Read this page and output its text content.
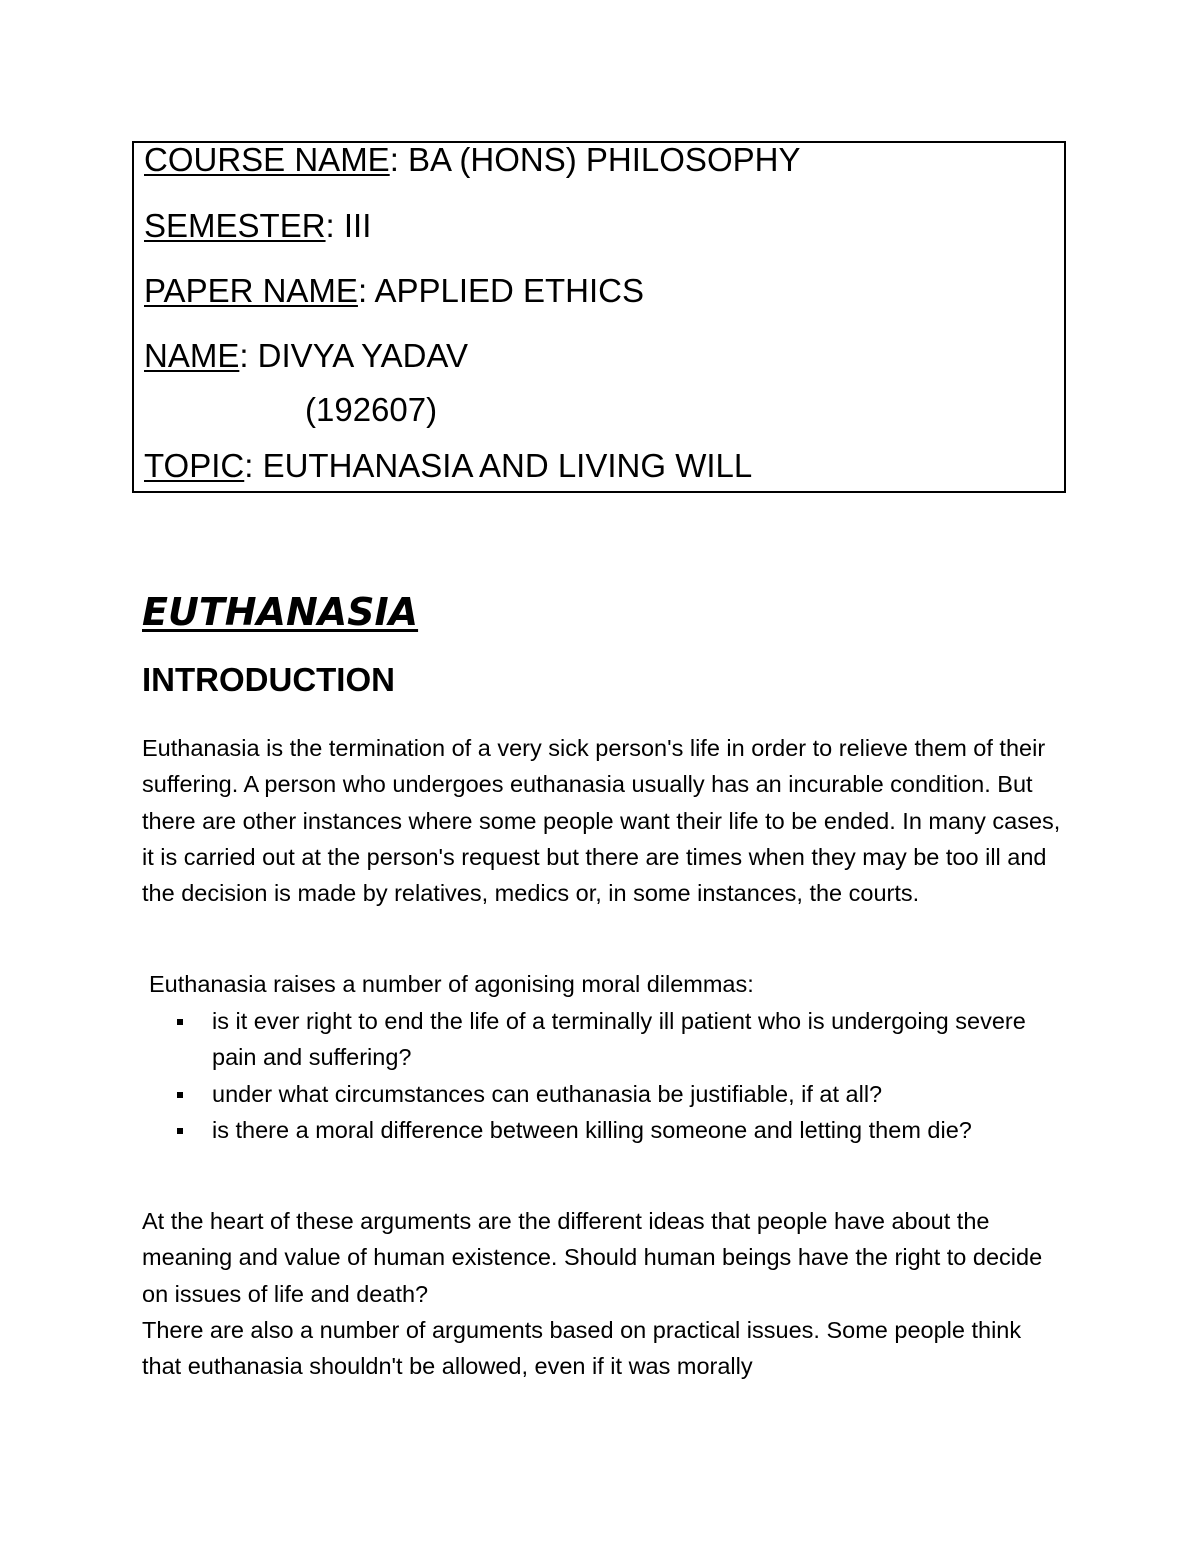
COURSE NAME: BA (HONS) PHILOSOPHY
SEMESTER: III
PAPER NAME: APPLIED ETHICS
NAME: DIVYA YADAV
(192607)
TOPIC: EUTHANASIA AND LIVING WILL
EUTHANASIA
INTRODUCTION

Euthanasia is the termination of a very sick person's life in order to relieve them of their suffering. A person who undergoes euthanasia usually has an incurable condition. But there are other instances where some people want their life to be ended. In many cases, it is carried out at the person's request but there are times when they may be too ill and the decision is made by relatives, medics or, in some instances, the courts.

Euthanasia raises a number of agonising moral dilemmas:

is it ever right to end the life of a terminally ill patient who is undergoing severe pain and suffering?
under what circumstances can euthanasia be justifiable, if at all?
is there a moral difference between killing someone and letting them die?

At the heart of these arguments are the different ideas that people have about the meaning and value of human existence. Should human beings have the right to decide on issues of life and death?
There are also a number of arguments based on practical issues. Some people think that euthanasia shouldn't be allowed, even if it was morally
